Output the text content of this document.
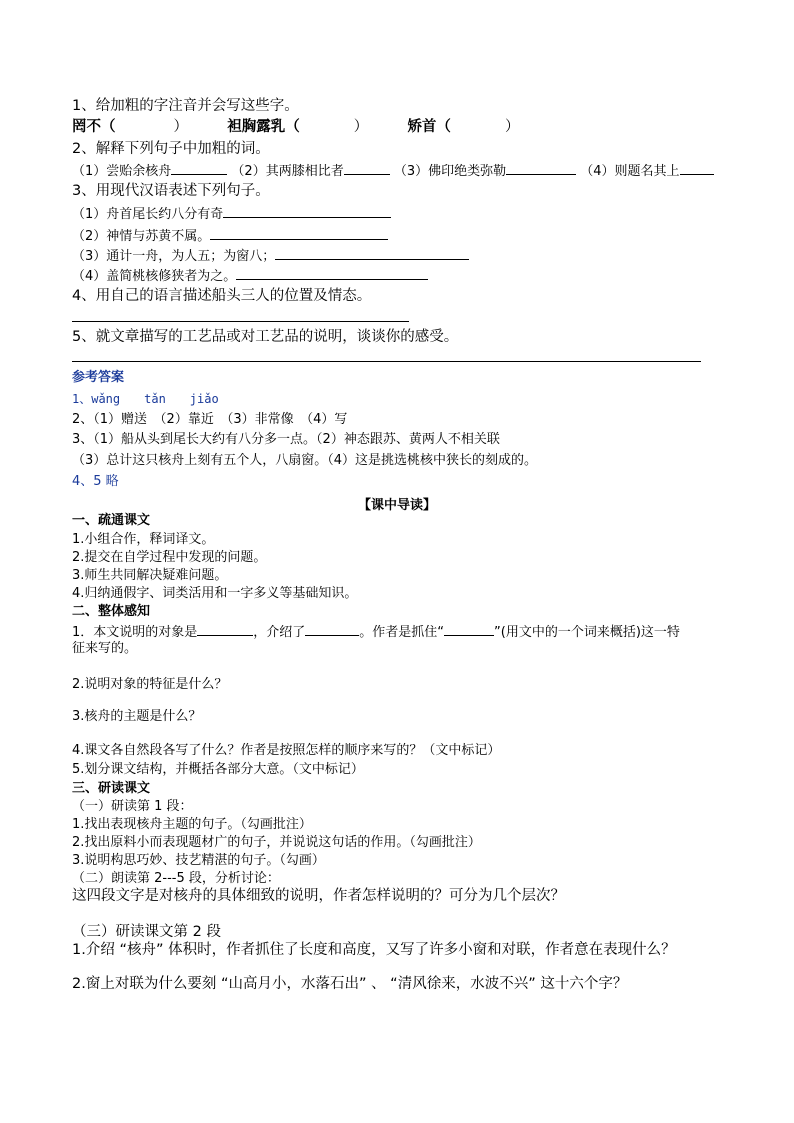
1、给加粗的字注音并会写这些字。
罔不（	）	袒胸露乳（	）	矫首（	）
2、解释下列句子中加粗的词。
（1）尝贻余核舟	（2）其两膝相比者	（3）佛印绝类弥勒	（4）则题名其上
3、用现代汉语表述下列句子。
（1）舟首尾长约八分有奇
（2）神情与苏黄不属。
（3）通计一舟，为人五；为窗八；
（4）盖简桃核修狭者为之。
4、用自己的语言描述船头三人的位置及情态。
5、就文章描写的工艺品或对工艺品的说明，谈谈你的感受。
参考答案
1、wǎng　　tǎn　　jiǎo
2、（1）赠送　（2）靠近　（3）非常像　（4）写
3、（1）船从头到尾长大约有八分多一点。（2）神态跟苏、黄两人不相关联
（3）总计这只核舟上刻有五个人，八扇窗。（4）这是挑选桃核中狭长的刻成的。
4、5 略
【课中导读】
一、疏通课文
1.小组合作，释词译文。
2.提交在自学过程中发现的问题。
3.师生共同解决疑难问题。
4.归纳通假字、词类活用和一字多义等基础知识。
二、整体感知
1．本文说明的对象是	，介绍了	。作者是抓住“	”(用文中的一个词来概括)这一特
征来写的。
2.说明对象的特征是什么？
3.核舟的主题是什么？
4.课文各自然段各写了什么？作者是按照怎样的顺序来写的？（文中标记）
5.划分课文结构，并概括各部分大意。（文中标记）
三、研读课文
（一）研读第 1 段：
1.找出表现核舟主题的句子。（勾画批注）
2.找出原料小而表现题材广的句子，并说说这句话的作用。（勾画批注）
3.说明构思巧妙、技艺精湛的句子。（勾画）
（二）朗读第 2---5 段，分析讨论：
这四段文字是对核舟的具体细致的说明，作者怎样说明的？可分为几个层次？
（三）研读课文第 2 段
1.介绍 “核舟” 体积时，作者抓住了长度和高度，又写了许多小窗和对联，作者意在表现什么？
2.窗上对联为什么要刻 “山高月小，水落石出” 、 “清风徐来，水波不兴” 这十六个字？
